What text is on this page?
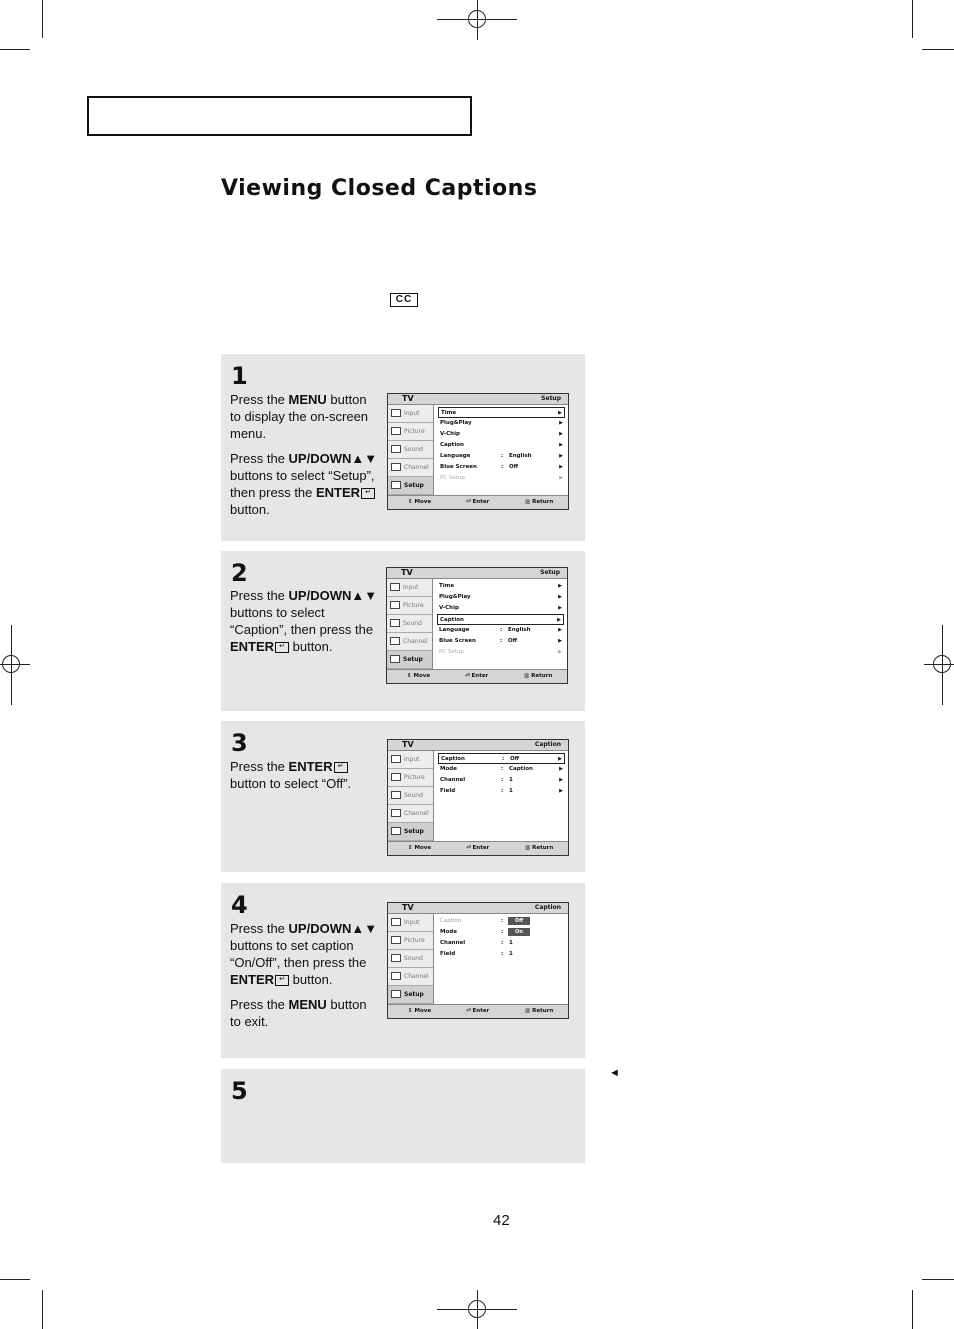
Viewing Closed Captions
CC
1

Press the MENU button to display the on-screen menu.

Press the UP/DOWN▲▼ buttons to select “Setup”, then press the ENTER ↵ button.

TV	Setup
Input
Picture
Sound
Channel
Setup
Time	▶
Plug&Play	▶
V-Chip	▶
Caption	▶
Language	: English	▶
Blue Screen	: Off	▶
PC Setup	▶
⇕ Move	⏎ Enter	▥ Return
2

Press the UP/DOWN▲▼ buttons to select “Caption”, then press the ENTER ↵ button.

TV	Setup
Input
Picture
Sound
Channel
Setup
Time	▶
Plug&Play	▶
V-Chip	▶
Caption	▶
Language	: English	▶
Blue Screen	: Off	▶
PC Setup	▶
⇕ Move	⏎ Enter	▥ Return
3

Press the ENTER ↵ button to select “Off”.

TV	Caption
Input
Picture
Sound
Channel
Setup
Caption	: Off	▶
Mode	: Caption	▶
Channel	: 1	▶
Field	: 1	▶
⇕ Move	⏎ Enter	▥ Return
4

Press the UP/DOWN▲▼ buttons to set caption “On/Off”, then press the ENTER ↵ button.

Press the MENU button to exit.

TV	Caption
Input
Picture
Sound
Channel
Setup
Caption	:	Off
Mode	:	On
Channel	: 1
Field	: 1
⇕ Move	⏎ Enter	▥ Return
5
◄
42
